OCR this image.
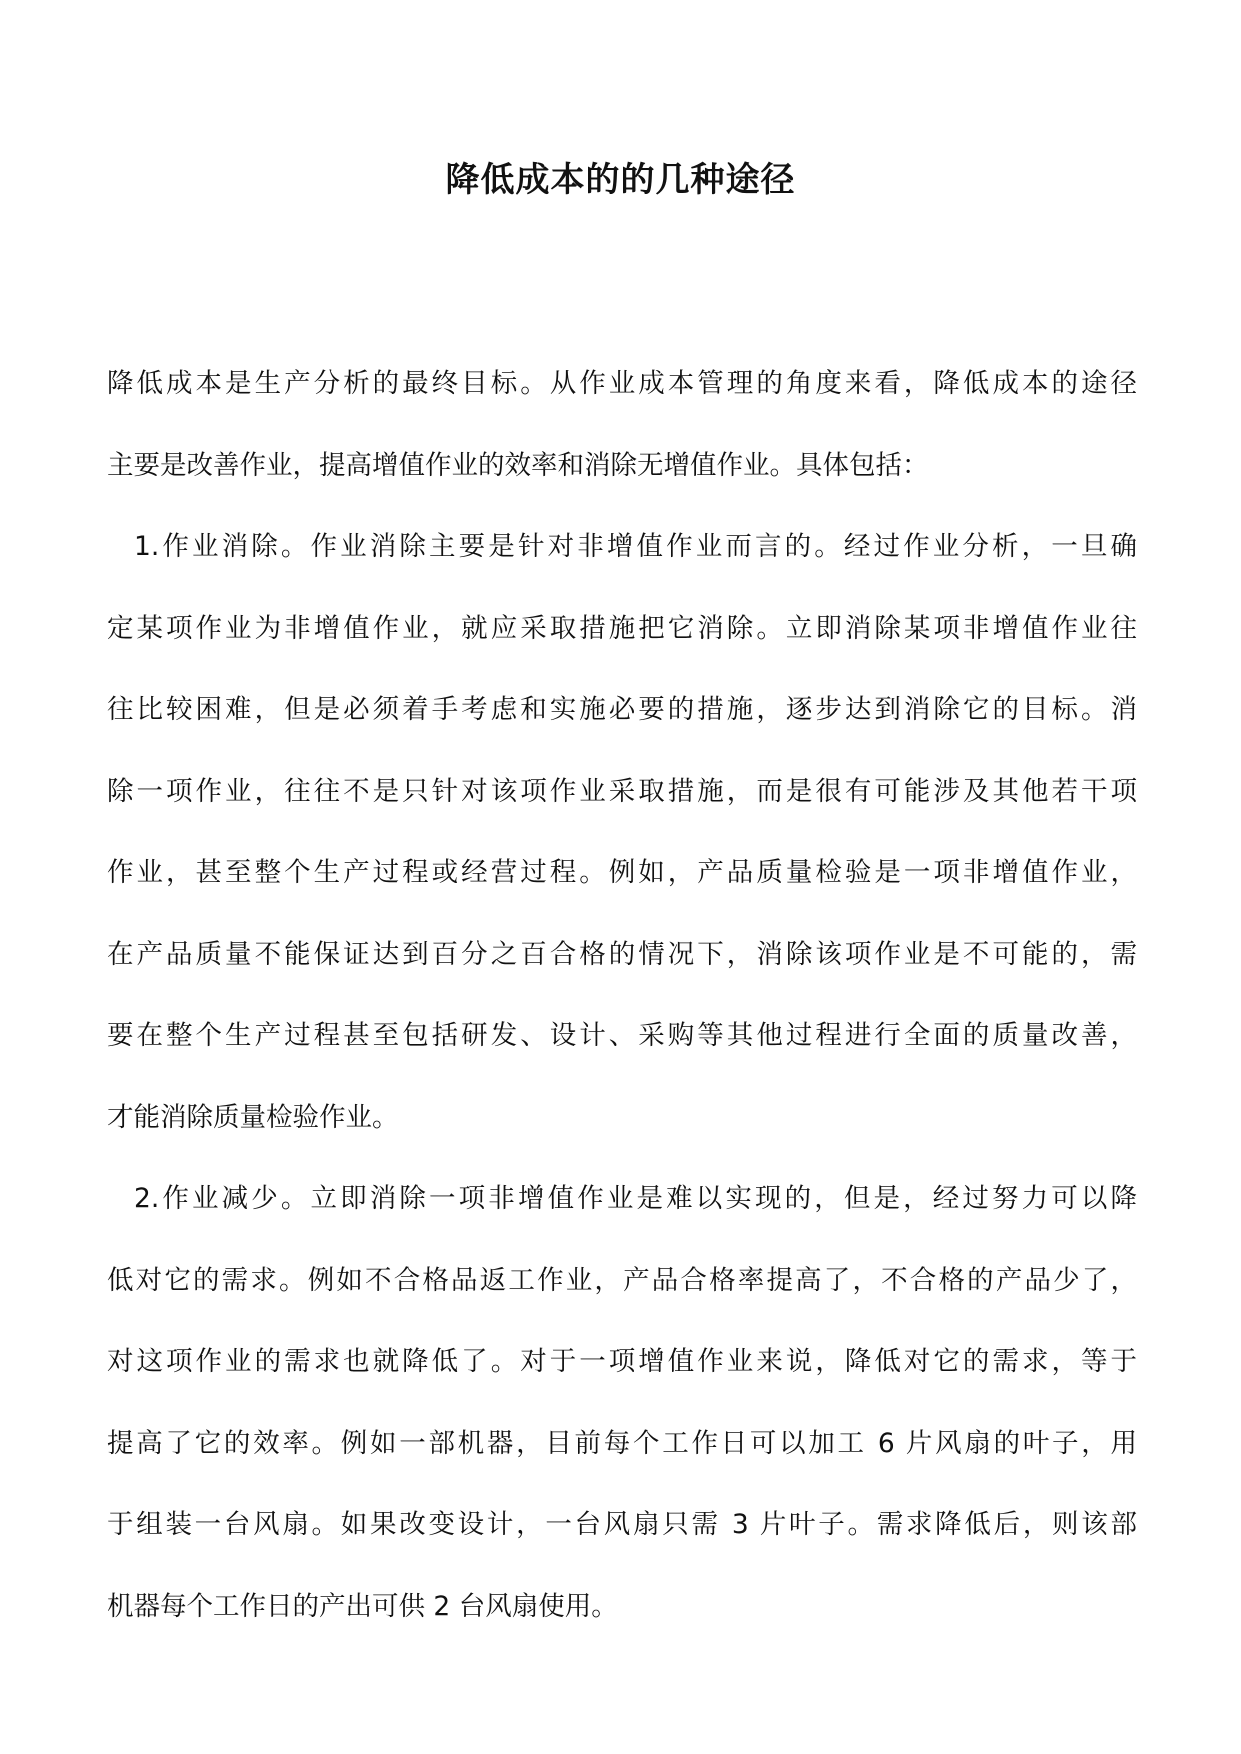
降低成本的的几种途径
降低成本是生产分析的最终目标。从作业成本管理的角度来看，降低成本的途径
主要是改善作业，提高增值作业的效率和消除无增值作业。具体包括：
1.作业消除。作业消除主要是针对非增值作业而言的。经过作业分析，一旦确
定某项作业为非增值作业，就应采取措施把它消除。立即消除某项非增值作业往
往比较困难，但是必须着手考虑和实施必要的措施，逐步达到消除它的目标。消
除一项作业，往往不是只针对该项作业采取措施，而是很有可能涉及其他若干项
作业，甚至整个生产过程或经营过程。例如，产品质量检验是一项非增值作业，
在产品质量不能保证达到百分之百合格的情况下，消除该项作业是不可能的，需
要在整个生产过程甚至包括研发、设计、采购等其他过程进行全面的质量改善，
才能消除质量检验作业。
2.作业减少。立即消除一项非增值作业是难以实现的，但是，经过努力可以降
低对它的需求。例如不合格品返工作业，产品合格率提高了，不合格的产品少了，
对这项作业的需求也就降低了。对于一项增值作业来说，降低对它的需求，等于
提高了它的效率。例如一部机器，目前每个工作日可以加工 6 片风扇的叶子，用
于组装一台风扇。如果改变设计，一台风扇只需 3 片叶子。需求降低后，则该部
机器每个工作日的产出可供 2 台风扇使用。
